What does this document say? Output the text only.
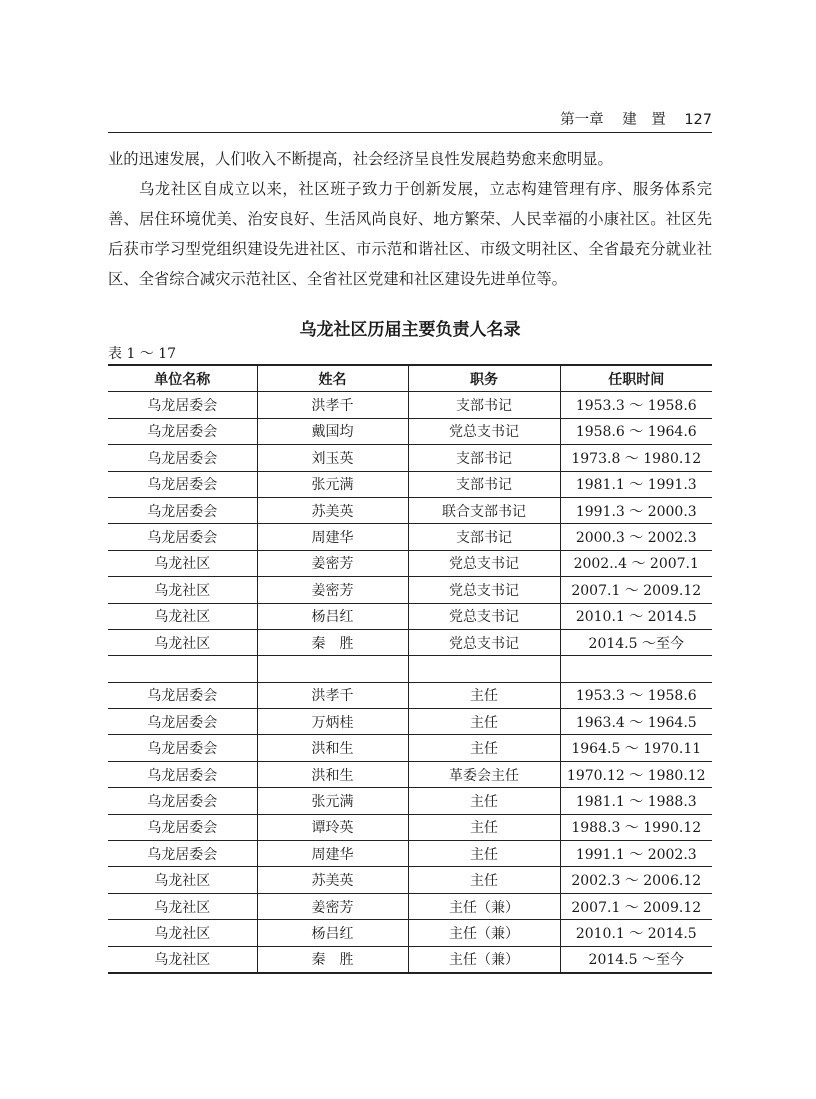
第一章 建　置 127

业的迅速发展，人们收入不断提高，社会经济呈良性发展趋势愈来愈明显。

乌龙社区自成立以来，社区班子致力于创新发展，立志构建管理有序、服务体系完善、居住环境优美、治安良好、生活风尚良好、地方繁荣、人民幸福的小康社区。社区先后获市学习型党组织建设先进社区、市示范和谐社区、市级文明社区、全省最充分就业社区、全省综合减灾示范社区、全省社区党建和社区建设先进单位等。

乌龙社区历届主要负责人名录
表 1 ～ 17
单位名称	姓名	职务	任职时间
乌龙居委会	洪孝千	支部书记	1953.3 ～ 1958.6
乌龙居委会	戴国均	党总支书记	1958.6 ～ 1964.6
乌龙居委会	刘玉英	支部书记	1973.8 ～ 1980.12
乌龙居委会	张元满	支部书记	1981.1 ～ 1991.3
乌龙居委会	苏美英	联合支部书记	1991.3 ～ 2000.3
乌龙居委会	周建华	支部书记	2000.3 ～ 2002.3
乌龙社区	姜密芳	党总支书记	2002..4 ～ 2007.1
乌龙社区	姜密芳	党总支书记	2007.1 ～ 2009.12
乌龙社区	杨吕红	党总支书记	2010.1 ～ 2014.5
乌龙社区	秦　胜	党总支书记	2014.5 ～至今

乌龙居委会	洪孝千	主任	1953.3 ～ 1958.6
乌龙居委会	万炳桂	主任	1963.4 ～ 1964.5
乌龙居委会	洪和生	主任	1964.5 ～ 1970.11
乌龙居委会	洪和生	革委会主任	1970.12 ～ 1980.12
乌龙居委会	张元满	主任	1981.1 ～ 1988.3
乌龙居委会	谭玲英	主任	1988.3 ～ 1990.12
乌龙居委会	周建华	主任	1991.1 ～ 2002.3
乌龙社区	苏美英	主任	2002.3 ～ 2006.12
乌龙社区	姜密芳	主任（兼）	2007.1 ～ 2009.12
乌龙社区	杨吕红	主任（兼）	2010.1 ～ 2014.5
乌龙社区	秦　胜	主任（兼）	2014.5 ～至今
